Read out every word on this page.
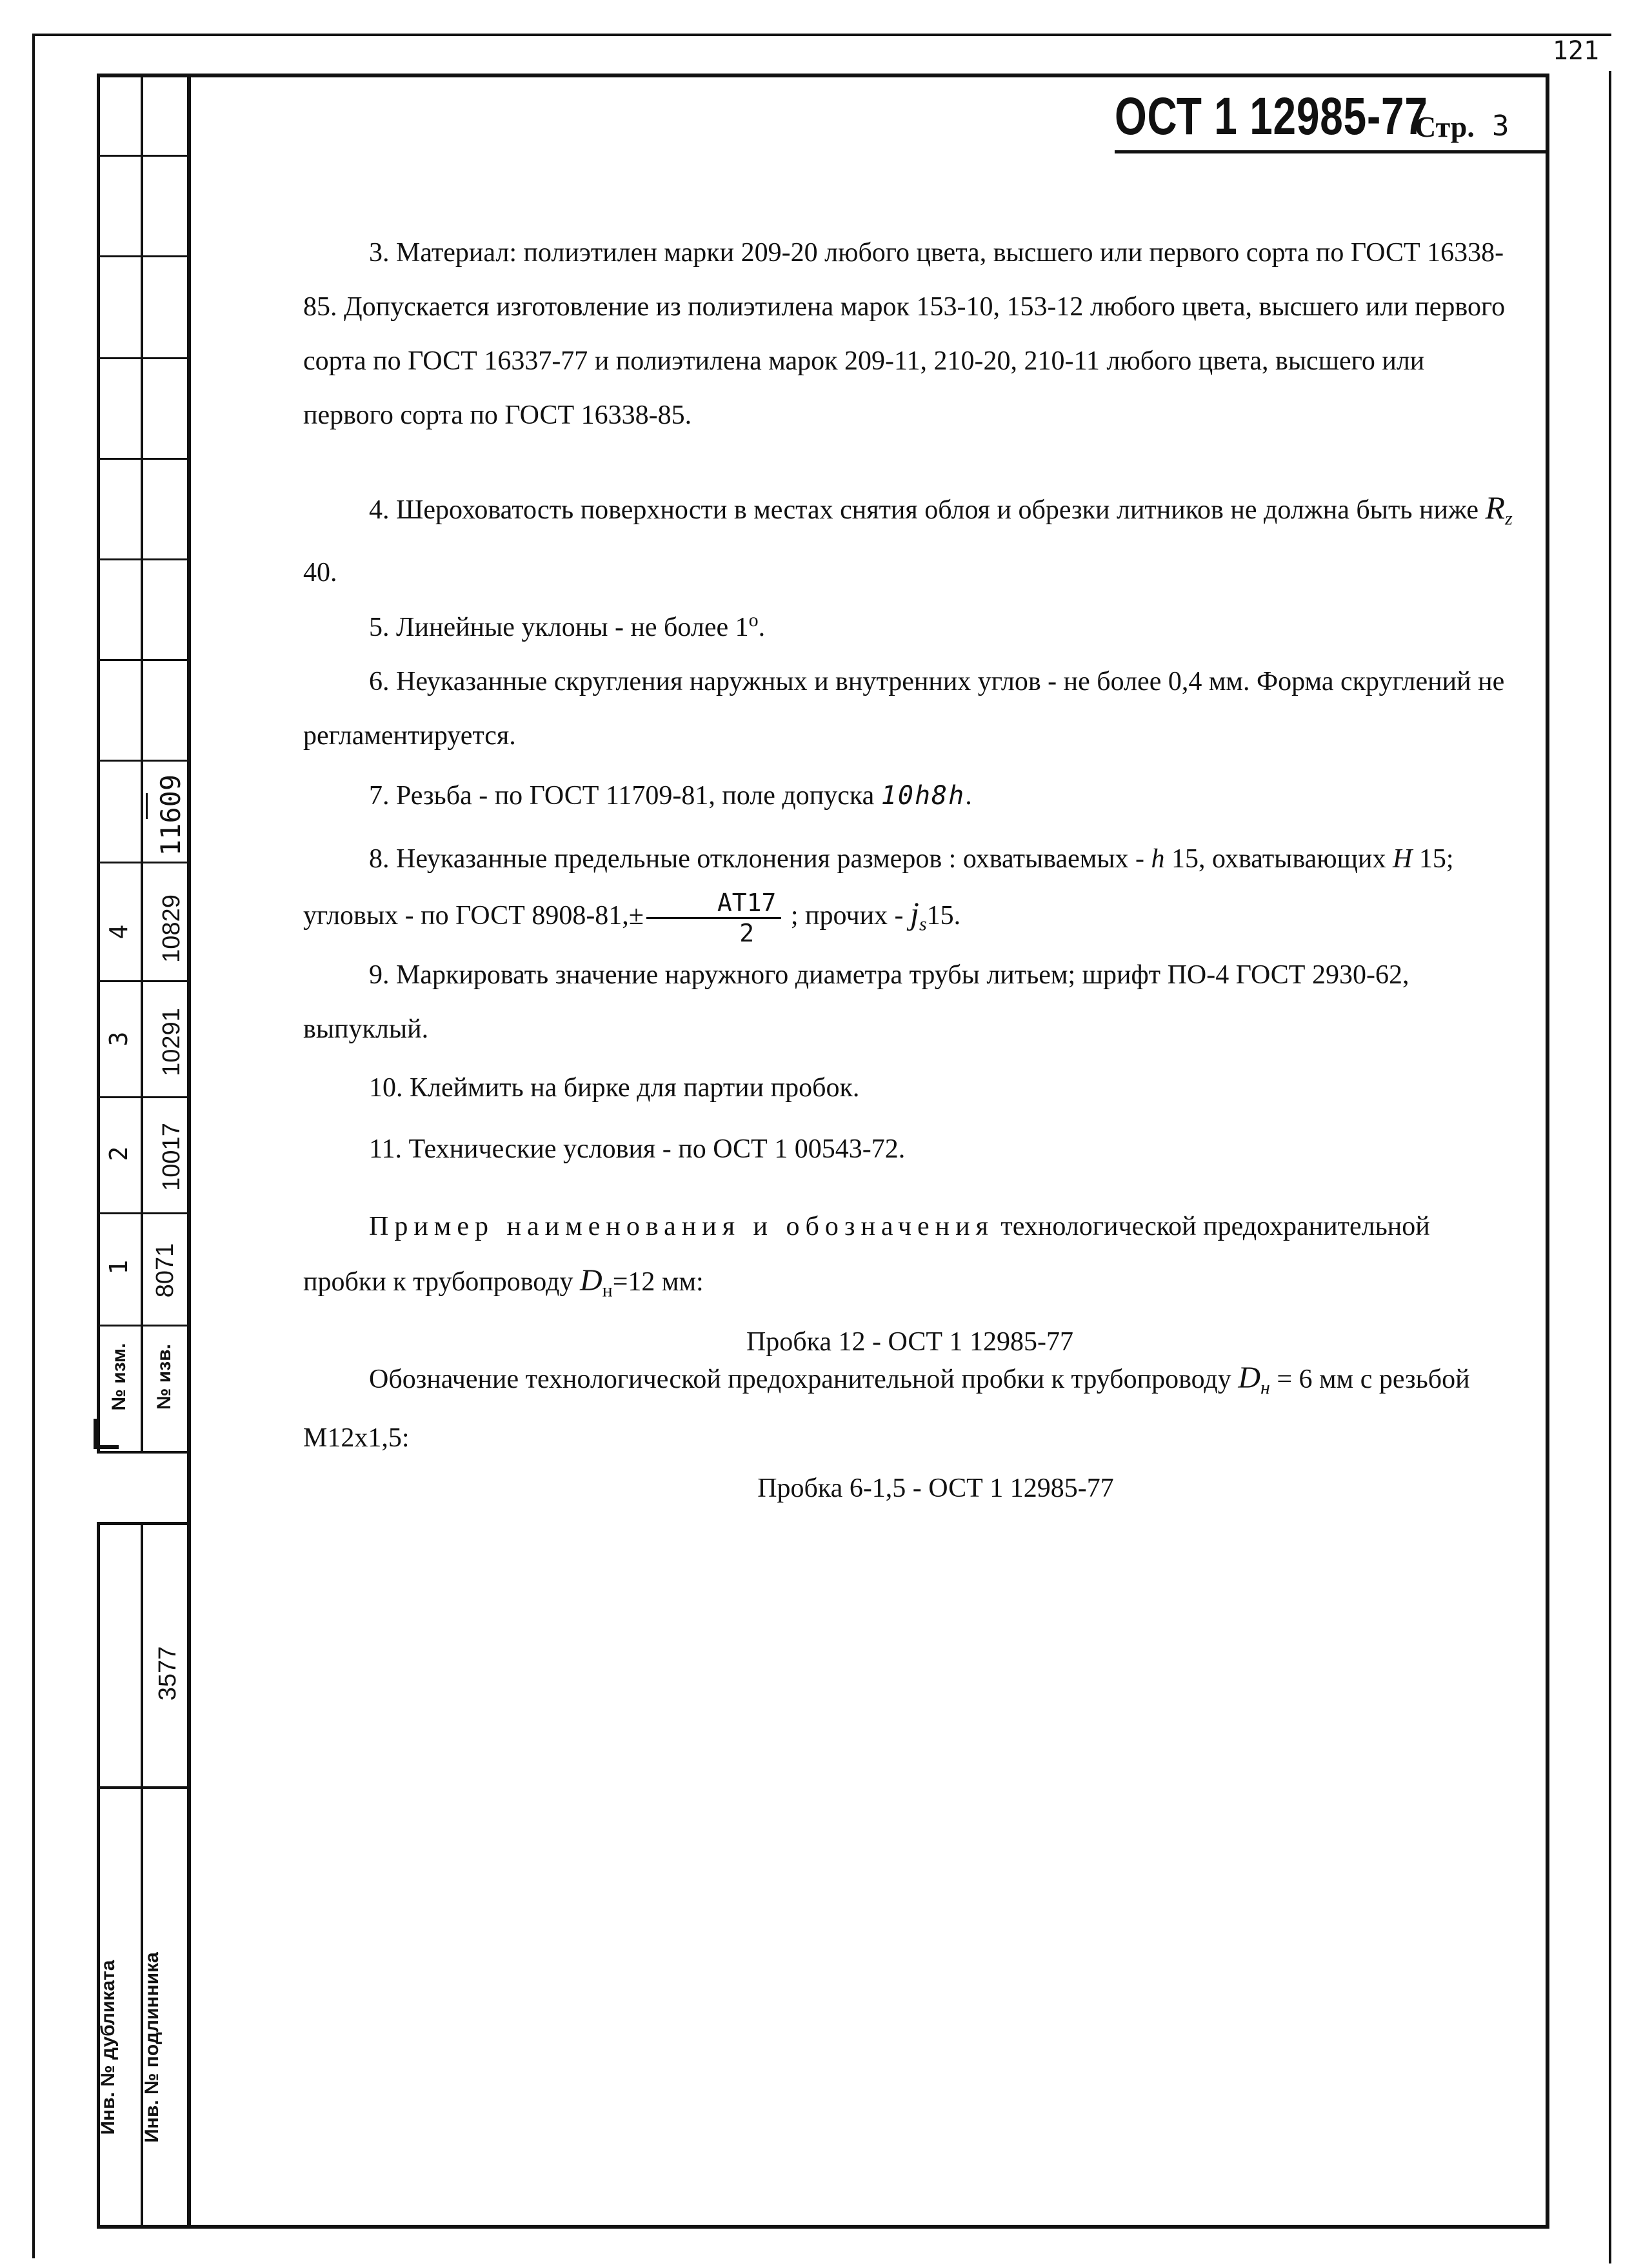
121
№ изм.	№ изв.
1
2
3
4
8071
10017
10291
10829
11609
3577
Инв. № дубликата	Инв. № подлинника
ОСТ 1 12985-77
Стр. 3

3. Материал: полиэтилен марки 209-20 любого цвета, высшего или первого сорта по ГОСТ 16338-85. Допускается изготовление из полиэтилена марок 153-10, 153-12 любого цвета, высшего или первого сорта по ГОСТ 16337-77 и полиэтилена марок 209-11, 210-20, 210-11 любого цвета, высшего или первого сорта по ГОСТ 16338-85.

4. Шероховатость поверхности в местах снятия облоя и обрезки литников не должна быть ниже $R_z$ 40.

5. Линейные уклоны - не более 1$^o$.

6. Неуказанные скругления наружных и внутренних углов - не более 0,4 мм. Форма скруглений не регламентируется.

7. Резьба - по ГОСТ 11709-81, поле допуска 10h8h.

8. Неуказанные предельные отклонения размеров : охватываемых - h 15, охватывающих H 15; угловых - по ГОСТ $8908-81,\pm \frac{AT17}{2}$ ; прочих - $j_s15$.

9. Маркировать значение наружного диаметра трубы литьем; шрифт ПО-4 ГОСТ 2930-62, выпуклый.

10. Клеймить на бирке для партии пробок.

11. Технические условия - по ОСТ 1 00543-72.

Пример наименования и обозначения технологической предохранительной пробки к трубопроводу $D_н=12$ мм:

Пробка 12 - ОСТ 1 12985-77

Обозначение технологической предохранительной пробки к трубопроводу $D_н = 6$ мм с резьбой М12х1,5:

Пробка 6-1,5 - ОСТ 1 12985-77
